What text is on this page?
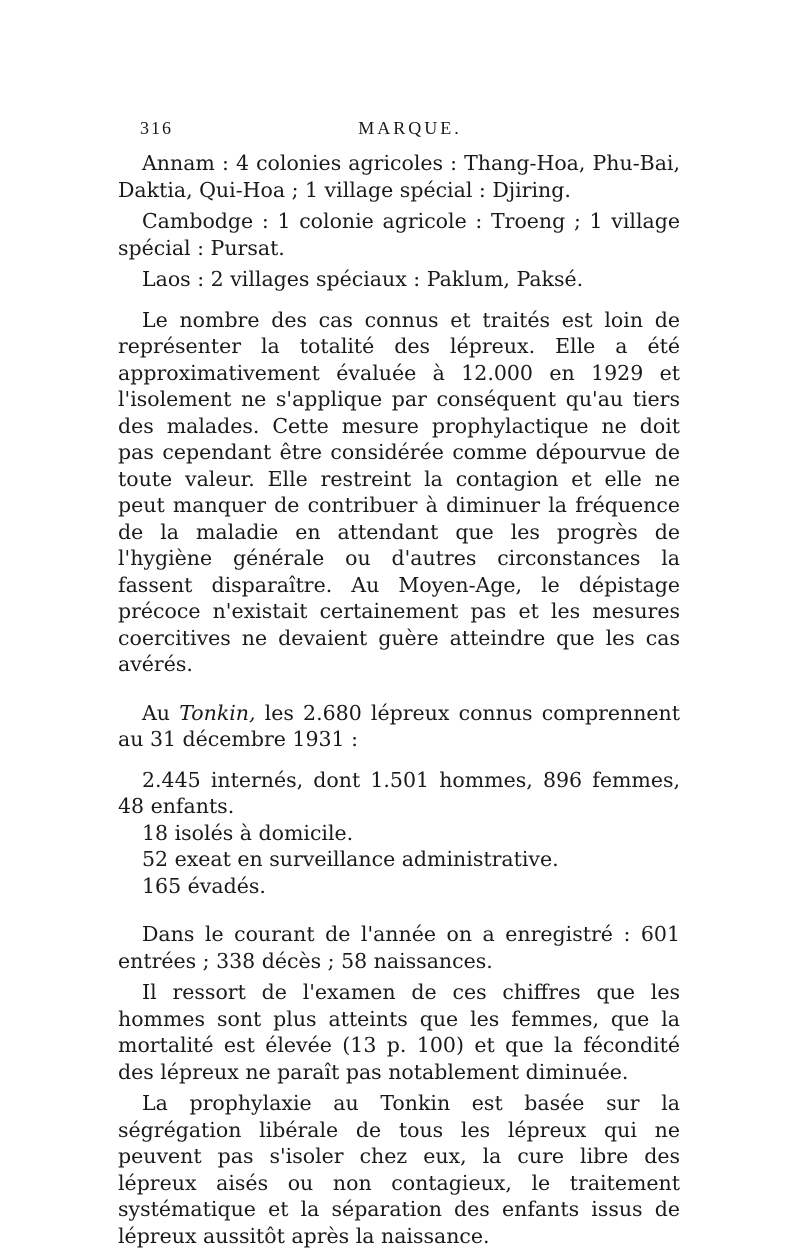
316	MARQUE.

Annam : 4 colonies agricoles : Thang-Hoa, Phu-Bai, Daktia, Qui-Hoa ; 1 village spécial : Djiring.

Cambodge : 1 colonie agricole : Troeng ; 1 village spécial : Pursat.

Laos : 2 villages spéciaux : Paklum, Paksé.

Le nombre des cas connus et traités est loin de représenter la totalité des lépreux. Elle a été approximativement évaluée à 12.000 en 1929 et l'isolement ne s'applique par conséquent qu'au tiers des malades. Cette mesure prophylactique ne doit pas cependant être considérée comme dépourvue de toute valeur. Elle restreint la contagion et elle ne peut manquer de contribuer à diminuer la fréquence de la maladie en attendant que les progrès de l'hygiène générale ou d'autres circonstances la fassent disparaître. Au Moyen-Age, le dépistage précoce n'existait certainement pas et les mesures coercitives ne devaient guère atteindre que les cas avérés.

Au Tonkin, les 2.680 lépreux connus comprennent au 31 décembre 1931 :

2.445 internés, dont 1.501 hommes, 896 femmes, 48 enfants.

18 isolés à domicile.

52 exeat en surveillance administrative.

165 évadés.

Dans le courant de l'année on a enregistré : 601 entrées ; 338 décès ; 58 naissances.

Il ressort de l'examen de ces chiffres que les hommes sont plus atteints que les femmes, que la mortalité est élevée (13 p. 100) et que la fécondité des lépreux ne paraît pas notablement diminuée.

La prophylaxie au Tonkin est basée sur la ségrégation libérale de tous les lépreux qui ne peuvent pas s'isoler chez eux, la cure libre des lépreux aisés ou non contagieux, le traitement systématique et la séparation des enfants issus de lépreux aussitôt après la naissance.
